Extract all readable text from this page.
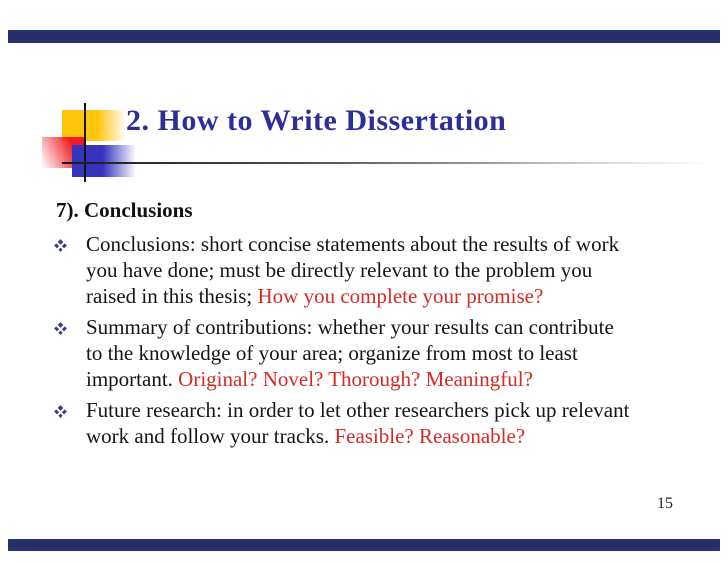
2. How to Write Dissertation
7). Conclusions
Conclusions: short concise statements about the results of work
you have done; must be directly relevant to the problem you
raised in this thesis; How you complete your promise?
Summary of contributions: whether your results can contribute
to the knowledge of your area; organize from most to least
important. Original? Novel? Thorough? Meaningful?
Future research: in order to let other researchers pick up relevant
work and follow your tracks. Feasible? Reasonable?
15
